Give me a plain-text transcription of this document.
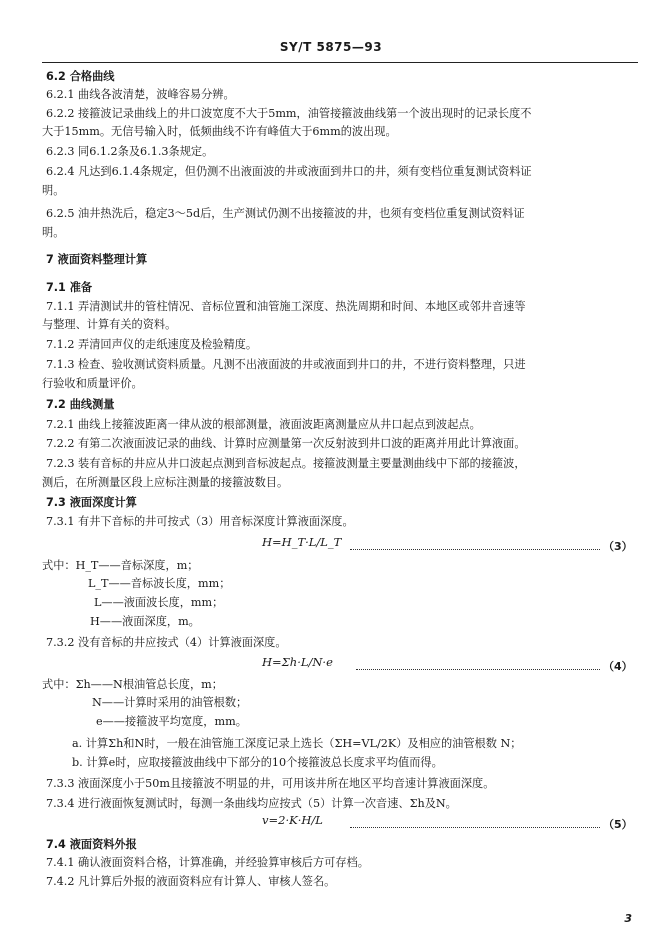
SY/T 5875—93
6.2 合格曲线
6.2.1 曲线各波清楚，波峰容易分辨。
6.2.2 接箍波记录曲线上的井口波宽度不大于5mm，油管接箍波曲线第一个波出现时的记录长度不
大于15mm。无信号输入时，低频曲线不许有峰值大于6mm的波出现。
6.2.3 同6.1.2条及6.1.3条规定。
6.2.4 凡达到6.1.4条规定，但仍测不出液面波的井或液面到井口的井，须有变档位重复测试资料证
明。
6.2.5 油井热洗后，稳定3～5d后，生产测试仍测不出接箍波的井，也须有变档位重复测试资料证
明。
7 液面资料整理计算
7.1 准备
7.1.1 弄清测试井的管柱情况、音标位置和油管施工深度、热洗周期和时间、本地区或邻井音速等
与整理、计算有关的资料。
7.1.2 弄清回声仪的走纸速度及检验精度。
7.1.3 检查、验收测试资料质量。凡测不出液面波的井或液面到井口的井，不进行资料整理，只进
行验收和质量评价。
7.2 曲线测量
7.2.1 曲线上接箍波距离一律从波的根部测量，液面波距离测量应从井口起点到波起点。
7.2.2 有第二次液面波记录的曲线、计算时应测量第一次反射波到井口波的距离并用此计算液面。
7.2.3 装有音标的井应从井口波起点测到音标波起点。接箍波测量主要量测曲线中下部的接箍波，
测后，在所测量区段上应标注测量的接箍波数目。
7.3 液面深度计算
7.3.1 有井下音标的井可按式（3）用音标深度计算液面深度。
H=H_T·L/L_T	（3）
式中：H_T——音标深度，m；
L_T——音标波长度，mm；
L——液面波长度，mm；
H——液面深度，m。
7.3.2 没有音标的井应按式（4）计算液面深度。
H=Σh·L/N·e	（4）
式中：Σh——N根油管总长度，m；
N——计算时采用的油管根数；
e——接箍波平均宽度，mm。
a. 计算Σh和N时，一般在油管施工深度记录上选长（ΣH=VL/2K）及相应的油管根数 N；
b. 计算e时，应取接箍波曲线中下部分的10个接箍波总长度求平均值而得。
7.3.3 液面深度小于50m且接箍波不明显的井，可用该井所在地区平均音速计算液面深度。
7.3.4 进行液面恢复测试时，每测一条曲线均应按式（5）计算一次音速、Σh及N。
v=2·K·H/L	（5）
7.4 液面资料外报
7.4.1 确认液面资料合格，计算准确，并经验算审核后方可存档。
7.4.2 凡计算后外报的液面资料应有计算人、审核人签名。
3
